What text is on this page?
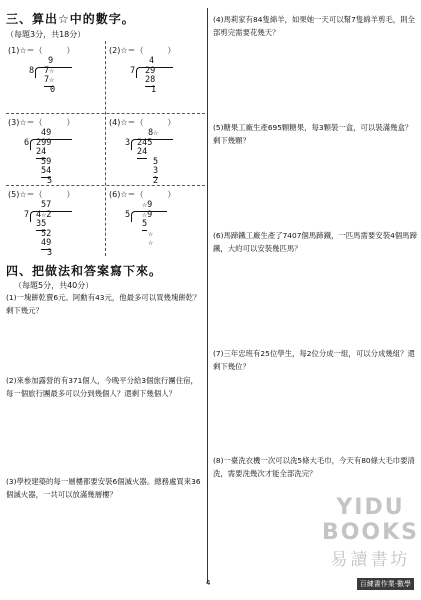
三、算出☆中的數字。
（每題3分，共18分）
(1)☆＝（　　　）
9
8 7☆
7☆
0
(2)☆＝（　　　）
4
7 29
28
1
(3)☆＝（　　　）
49
6 299
24
59
54
5
(4)☆＝（　　　）
8☆
3 245
24
5
3
2
(5)☆＝（　　　）
57
7 4☆2
35
52
49
3
(6)☆＝（　　　）
☆9
5 ☆9
5
☆
☆
四、把做法和答案寫下來。
（每題5分，共40分）
(1)一塊餅乾賣6元。阿勳有43元，他最多可以買幾塊餅乾？剩下幾元？
(2)來參加露營的有371個人，今晚平分給3個旅行團住宿，每一個旅行團最多可以分到幾個人？還剩下幾個人？
(3)學校建築的每一層樓都要安裝6個滅火器。總務處買來36個滅火器，一共可以放滿幾層樓？
(4)馬莉家有84隻綿羊，如果她一天可以幫7隻綿羊剪毛，則全部剪完需要花幾天？
(5)糖果工廠生產695顆糖果，每3顆裝一盒，可以裝滿幾盒？剩下幾顆？
(6)馬蹄鐵工廠生產了7407個馬蹄鐵，一匹馬需要安裝4個馬蹄鐵，大約可以安裝幾匹馬？
(7)三年忠班有25位學生，每2位分成一組，可以分成幾組？還剩下幾位？
(8)一臺洗衣機一次可以洗5條大毛巾，今天有80條大毛巾要清洗，需要洗幾次才能全部洗完？
YIDU BOOKS
易讀書坊
4	百練書作業‧數學
